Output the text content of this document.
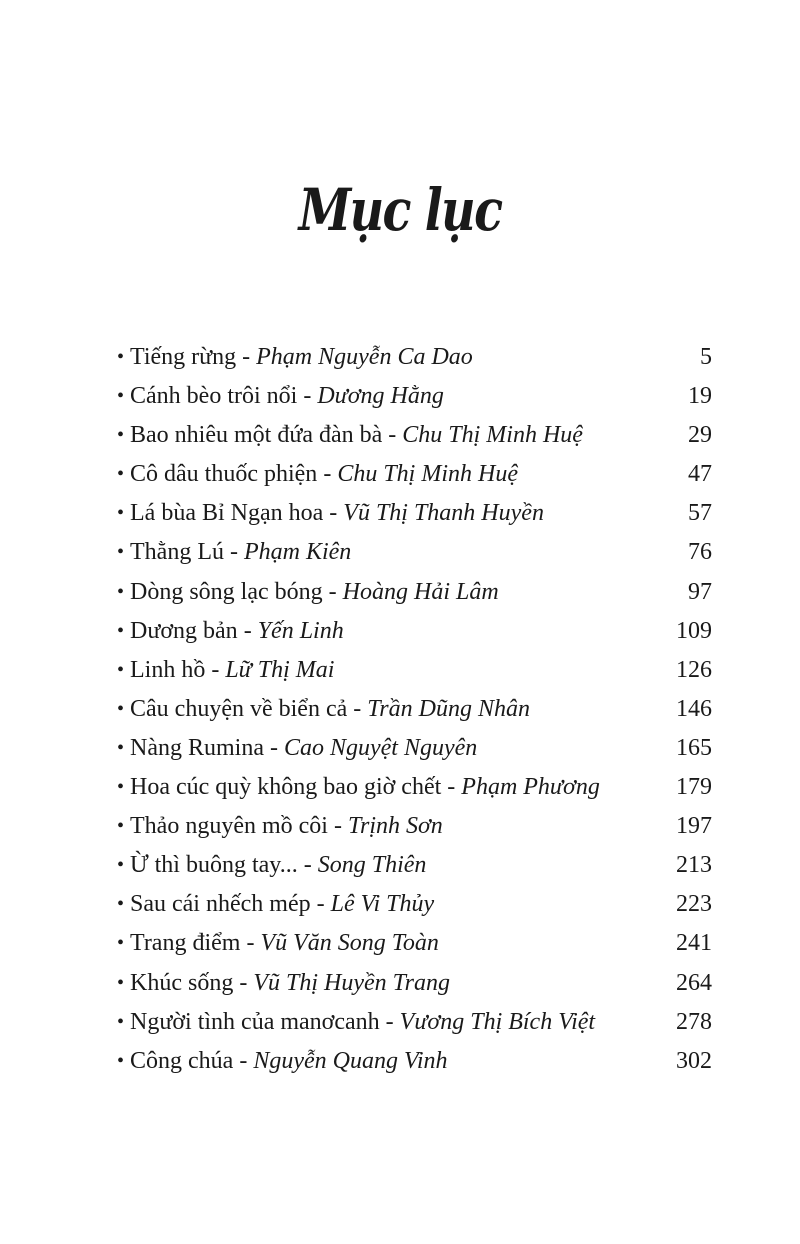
Mục lục
• Tiếng rừng - Phạm Nguyễn Ca Dao	5
• Cánh bèo trôi nổi - Dương Hằng	19
• Bao nhiêu một đứa đàn bà - Chu Thị Minh Huệ	29
• Cô dâu thuốc phiện - Chu Thị Minh Huệ	47
• Lá bùa Bỉ Ngạn hoa - Vũ Thị Thanh Huyền	57
• Thằng Lú - Phạm Kiên	76
• Dòng sông lạc bóng - Hoàng Hải Lâm	97
• Dương bản - Yến Linh	109
• Linh hồ - Lữ Thị Mai	126
• Câu chuyện về biển cả - Trần Dũng Nhân	146
• Nàng Rumina - Cao Nguyệt Nguyên	165
• Hoa cúc quỳ không bao giờ chết - Phạm Phương	179
• Thảo nguyên mồ côi - Trịnh Sơn	197
• Ừ thì buông tay... - Song Thiên	213
• Sau cái nhếch mép - Lê Vi Thủy	223
• Trang điểm - Vũ Văn Song Toàn	241
• Khúc sống - Vũ Thị Huyền Trang	264
• Người tình của manơcanh - Vương Thị Bích Việt	278
• Công chúa - Nguyễn Quang Vinh	302
